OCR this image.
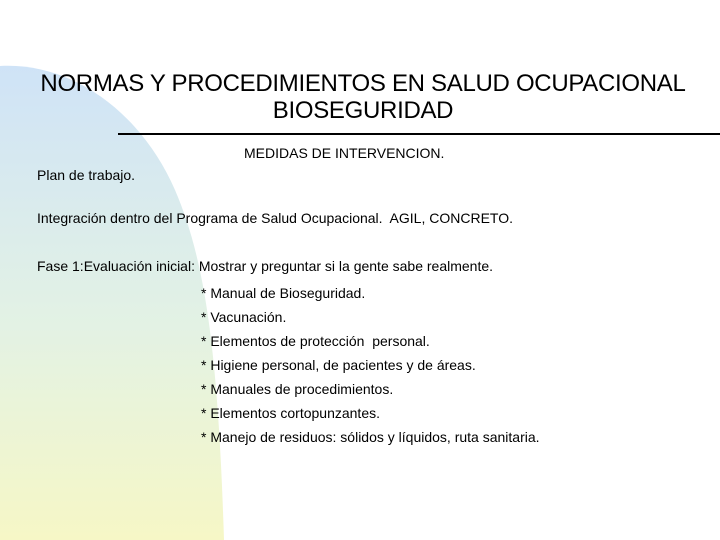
NORMAS Y PROCEDIMIENTOS EN SALUD OCUPACIONAL
BIOSEGURIDAD
MEDIDAS DE INTERVENCION.
Plan de trabajo.
Integración dentro del Programa de Salud Ocupacional.  AGIL, CONCRETO.
Fase 1:Evaluación inicial: Mostrar y preguntar si la gente sabe realmente.
* Manual de Bioseguridad.
* Vacunación.
* Elementos de protección  personal.
* Higiene personal, de pacientes y de áreas.
* Manuales de procedimientos.
* Elementos cortopunzantes.
* Manejo de residuos: sólidos y líquidos, ruta sanitaria.
